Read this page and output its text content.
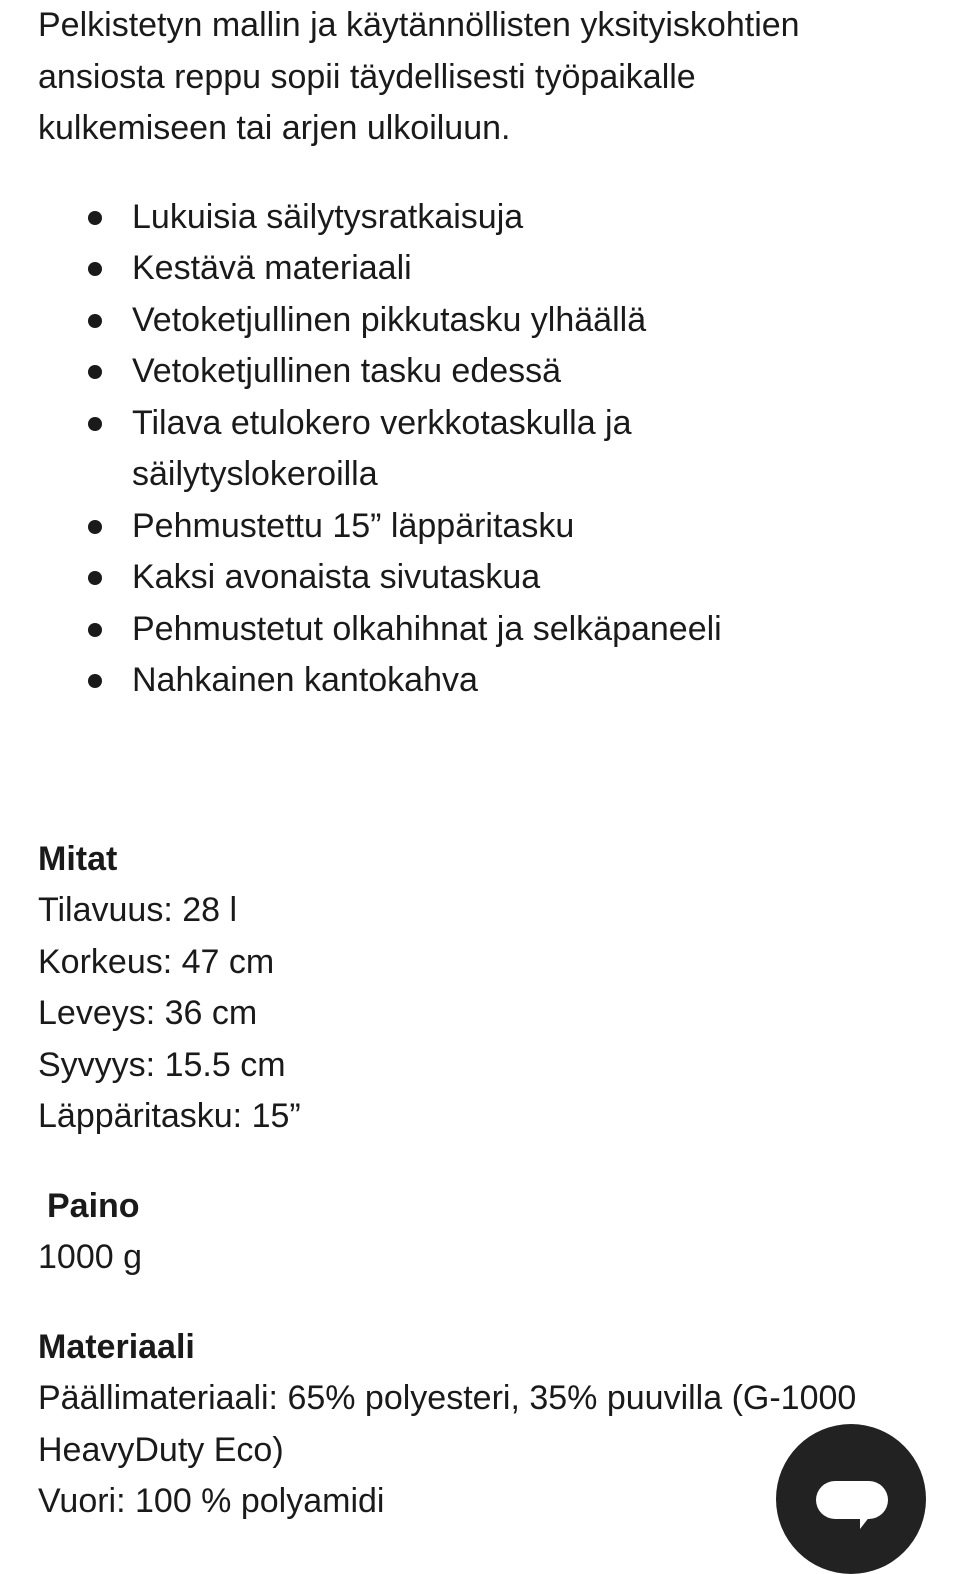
Pelkistetyn mallin ja käytännöllisten yksityiskohtien
ansiosta reppu sopii täydellisesti työpaikalle
kulkemiseen tai arjen ulkoiluun.

Lukuisia säilytysratkaisuja
Kestävä materiaali
Vetoketjullinen pikkutasku ylhäällä
Vetoketjullinen tasku edessä
Tilava etulokero verkkotaskulla ja
säilytyslokeroilla
Pehmustettu 15” läppäritasku
Kaksi avonaista sivutaskua
Pehmustetut olkahihnat ja selkäpaneeli
Nahkainen kantokahva

Mitat

Tilavuus: 28 l

Korkeus: 47 cm

Leveys: 36 cm

Syvyys: 15.5 cm

Läppäritasku: 15”

Paino

1000 g

Materiaali

Päällimateriaali: 65% polyesteri, 35% puuvilla (G-1000
HeavyDuty Eco)

Vuori: 100 % polyamidi
